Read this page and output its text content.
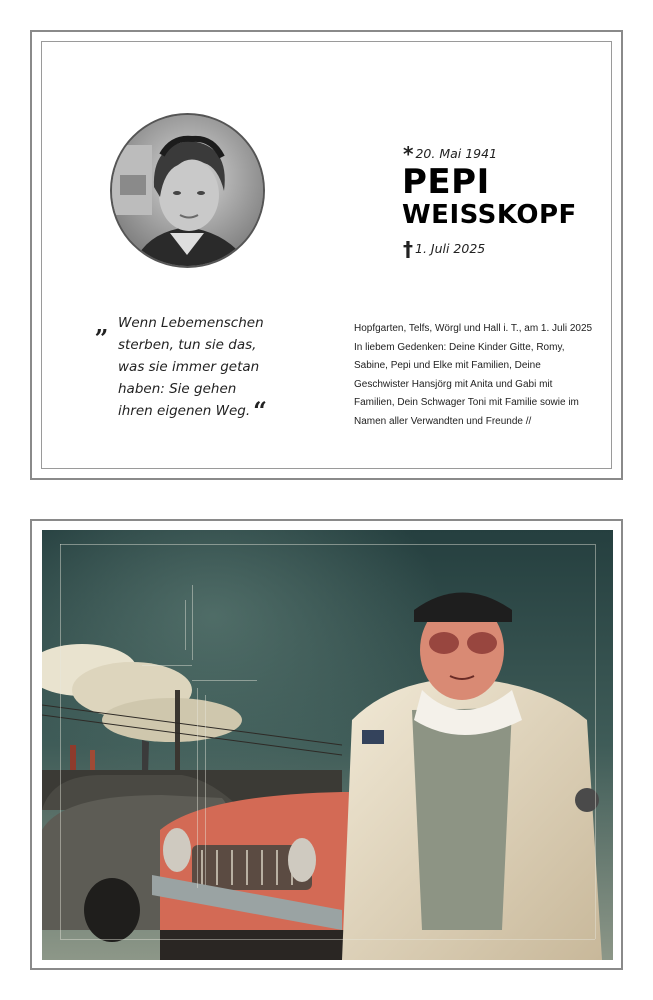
* 20. Mai 1941
PEPI
WEISSKOPF
† 1. Juli 2025
„ Wenn Lebemenschen sterben, tun sie das, was sie immer getan haben: Sie gehen ihren eigenen Weg. “
Hopfgarten, Telfs, Wörgl und Hall i. T., am 1. Juli 2025
In liebem Gedenken: Deine Kinder Gitte, Romy,
Sabine, Pepi und Elke mit Familien, Deine
Geschwister Hansjörg mit Anita und Gabi mit
Familien, Dein Schwager Toni mit Familie sowie im
Namen aller Verwandten und Freunde //
